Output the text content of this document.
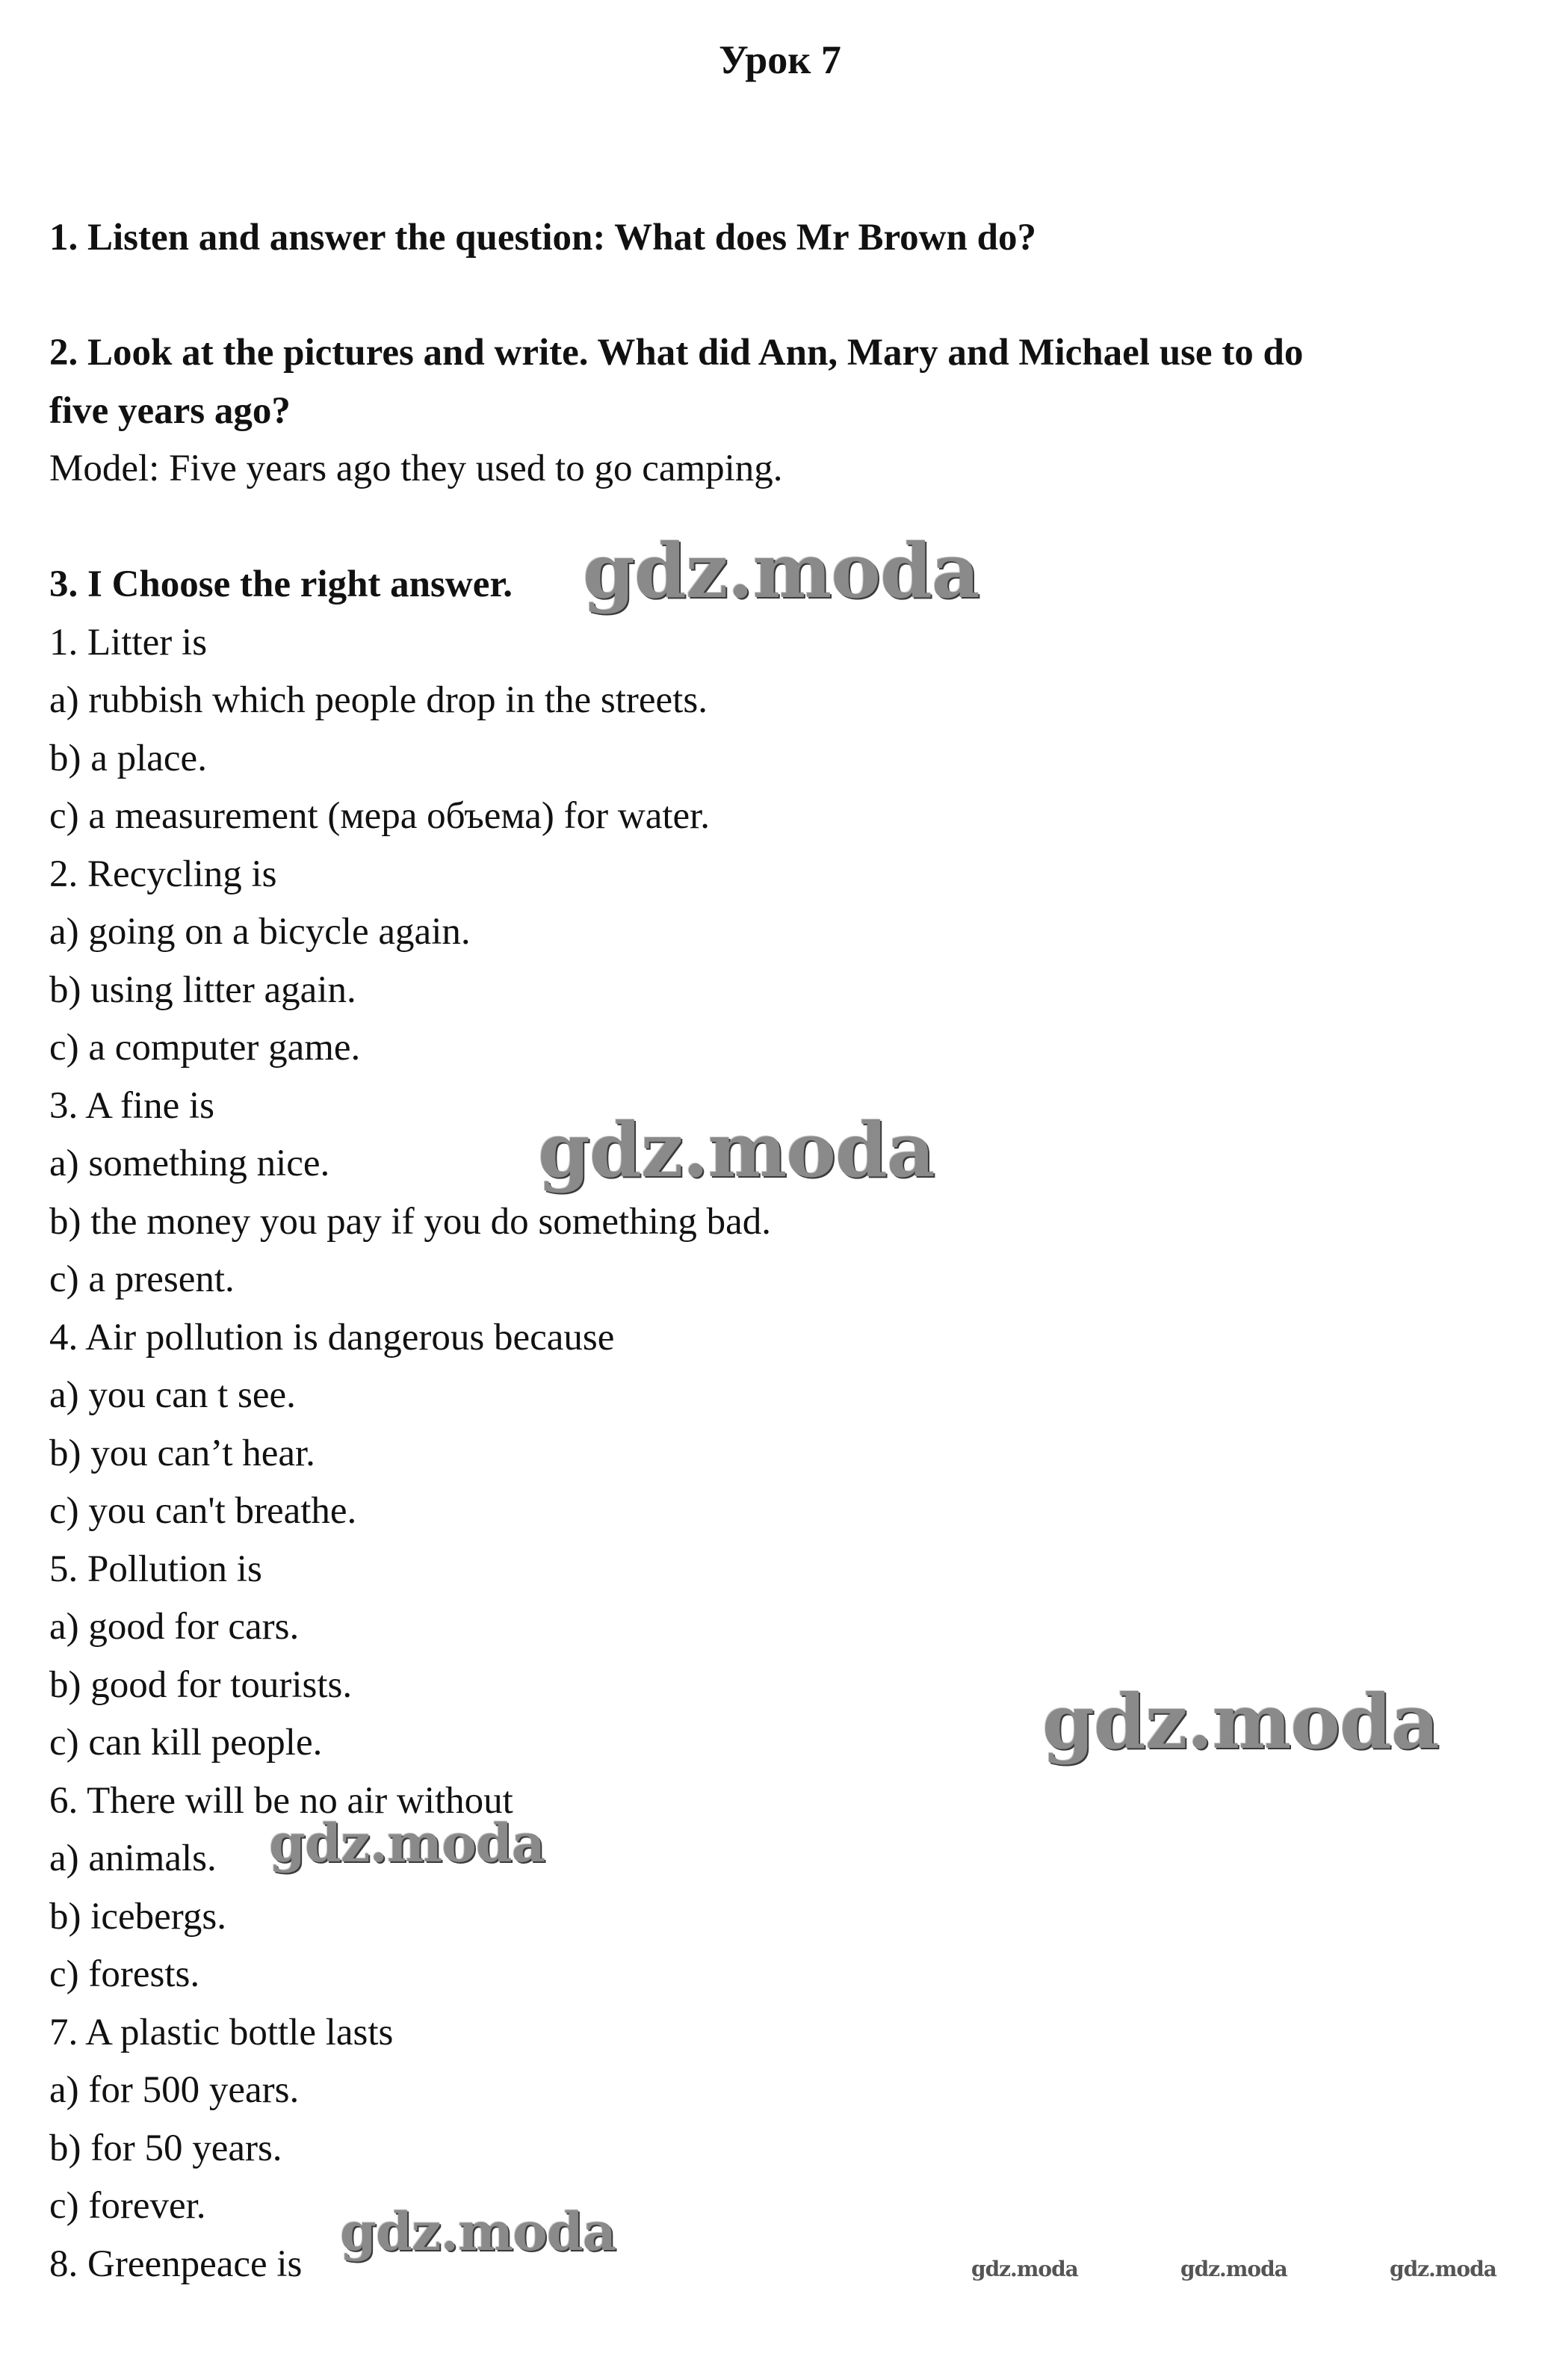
Урок 7
1. Listen and answer the question: What does Mr Brown do?
2. Look at the pictures and write. What did Ann, Mary and Michael use to do
five years ago?
Model: Five years ago they used to go camping.
3. I Choose the right answer.
1. Litter is
a) rubbish which people drop in the streets.
b) a place.
c) a measurement (мера объема) for water.
2. Recycling is
a) going on a bicycle again.
b) using litter again.
c) a computer game.
3. A fine is
a) something nice.
b) the money you pay if you do something bad.
c) a present.
4. Air pollution is dangerous because
a) you can t see.
b) you can’t hear.
c) you can't breathe.
5. Pollution is
a) good for cars.
b) good for tourists.
c) can kill people.
6. There will be no air without
a) animals.
b) icebergs.
c) forests.
7. A plastic bottle lasts
a) for 500 years.
b) for 50 years.
c) forever.
8. Greenpeace is
gdz.moda
gdz.moda
gdz.moda
gdz.moda
gdz.moda
gdz.moda	gdz.moda	gdz.moda
